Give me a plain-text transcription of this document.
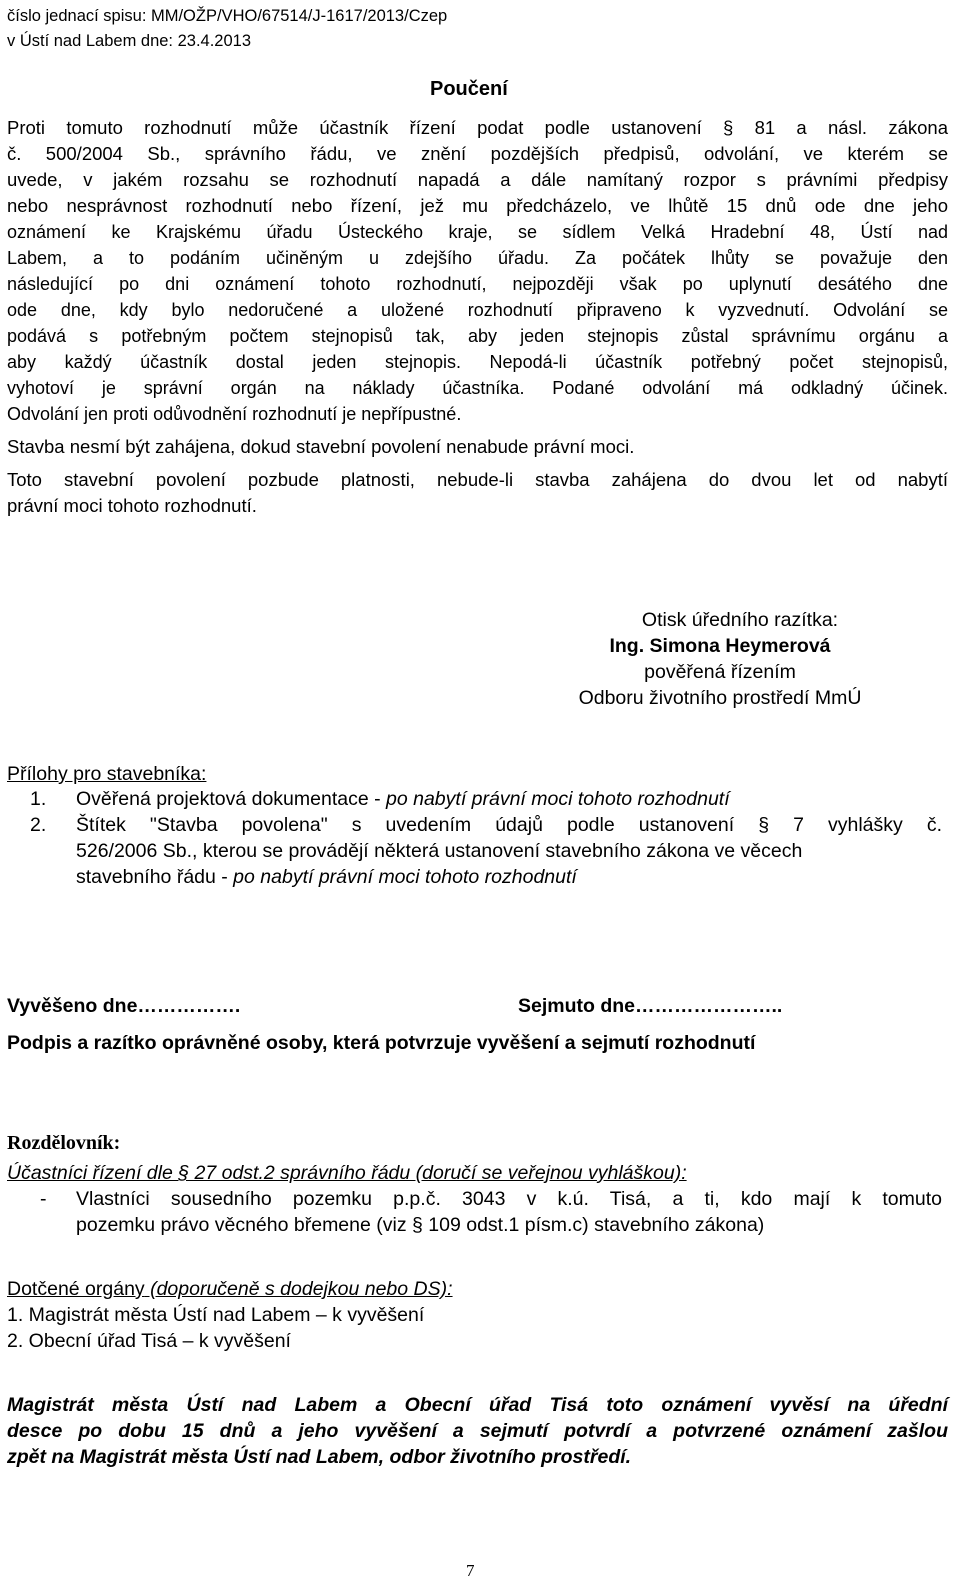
číslo jednací spisu: MM/OŽP/VHO/67514/J-1617/2013/Czep
v Ústí nad Labem dne: 23.4.2013
Poučení
Proti tomuto rozhodnutí může účastník řízení podat podle ustanovení § 81 a násl. zákona
č. 500/2004 Sb., správního řádu, ve znění pozdějších předpisů, odvolání, ve kterém se
uvede, v jakém rozsahu se rozhodnutí napadá a dále namítaný rozpor s právními předpisy
nebo nesprávnost rozhodnutí nebo řízení, jež mu předcházelo, ve lhůtě 15 dnů ode dne jeho
oznámení ke Krajskému úřadu Ústeckého kraje, se sídlem Velká Hradební 48, Ústí nad
Labem, a to podáním učiněným u zdejšího úřadu. Za počátek lhůty se považuje den
následující po dni oznámení tohoto rozhodnutí, nejpozději však po uplynutí desátého dne
ode dne, kdy bylo nedoručené a uložené rozhodnutí připraveno k vyzvednutí. Odvolání se
podává s potřebným počtem stejnopisů tak, aby jeden stejnopis zůstal správnímu orgánu a
aby každý účastník dostal jeden stejnopis. Nepodá-li účastník potřebný počet stejnopisů,
vyhotoví je správní orgán na náklady účastníka. Podané odvolání má odkladný účinek.
Odvolání jen proti odůvodnění rozhodnutí je nepřípustné.
Stavba nesmí být zahájena, dokud stavební povolení nenabude právní moci.
Toto stavební povolení pozbude platnosti, nebude-li stavba zahájena do dvou let od nabytí
právní moci tohoto rozhodnutí.
Otisk úředního razítka:
Ing. Simona Heymerová
pověřená řízením
Odboru životního prostředí MmÚ
Přílohy pro stavebníka:
1. Ověřená projektová dokumentace - po nabytí právní moci tohoto rozhodnutí
2. Štítek "Stavba povolena" s uvedením údajů podle ustanovení § 7 vyhlášky č.
526/2006 Sb., kterou se provádějí některá ustanovení stavebního zákona ve věcech
stavebního řádu - po nabytí právní moci tohoto rozhodnutí
Vyvěšeno dne…………….	Sejmuto dne…………………..
Podpis a razítko oprávněné osoby, která potvrzuje vyvěšení a sejmutí rozhodnutí
Rozdělovník:
Účastníci řízení dle § 27 odst.2 správního řádu (doručí se veřejnou vyhláškou):
- Vlastníci sousedního pozemku p.p.č. 3043 v k.ú. Tisá, a ti, kdo mají k tomuto
pozemku právo věcného břemene (viz § 109 odst.1 písm.c) stavebního zákona)
Dotčené orgány (doporučeně s dodejkou nebo DS):
1. Magistrát města Ústí nad Labem – k vyvěšení
2. Obecní úřad Tisá – k vyvěšení
Magistrát města Ústí nad Labem a Obecní úřad Tisá toto oznámení vyvěsí na úřední
desce po dobu 15 dnů a jeho vyvěšení a sejmutí potvrdí a potvrzené oznámení zašlou
zpět na Magistrát města Ústí nad Labem, odbor životního prostředí.
7
